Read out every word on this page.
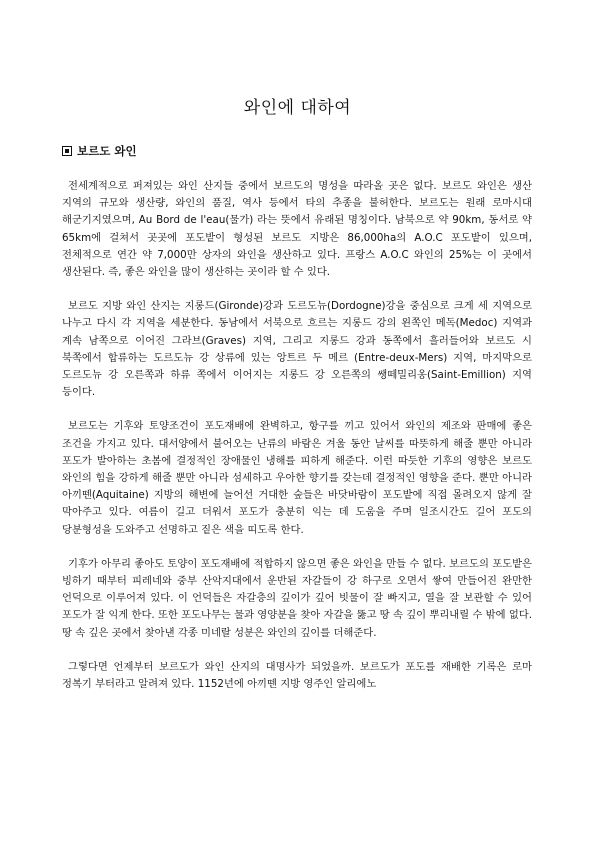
와인에 대하여
보르도 와인

전세계적으로 퍼져있는 와인 산지들 중에서 보르도의 명성을 따라올 곳은 없다. 보르도 와인은 생산 지역의 규모와 생산량, 와인의 품질, 역사 등에서 타의 추종을 불허한다. 보르도는 원래 로마시대 해군기지였으며, Au Bord de l'eau(물가) 라는 뜻에서 유래된 명칭이다. 남북으로 약 90km, 동서로 약 65km에 걸쳐서 곳곳에 포도밭이 형성된 보르도 지방은 86,000ha의 A.O.C 포도밭이 있으며, 전체적으로 연간 약 7,000만 상자의 와인을 생산하고 있다. 프랑스 A.O.C 와인의 25%는 이 곳에서 생산된다. 즉, 좋은 와인을 많이 생산하는 곳이라 할 수 있다.

보르도 지방 와인 산지는 지롱드(Gironde)강과 도르도뉴(Dordogne)강을 중심으로 크게 세 지역으로 나누고 다시 각 지역을 세분한다. 동남에서 서북으로 흐르는 지롱드 강의 왼쪽인 메독(Medoc) 지역과 계속 남쪽으로 이어진 그라브(Graves) 지역, 그리고 지롱드 강과 동쪽에서 흘러들어와 보르도 시 북쪽에서 합류하는 도르도뉴 강 상류에 있는 앙트르 두 메르 (Entre-deux-Mers) 지역, 마지막으로 도르도뉴 강 오른쪽과 하류 쪽에서 이어지는 지롱드 강 오른쪽의 쌩떼밀리옹(Saint-Emillion) 지역 등이다.

보르도는 기후와 토양조건이 포도재배에 완벽하고, 항구를 끼고 있어서 와인의 제조와 판매에 좋은 조건을 가지고 있다. 대서양에서 불어오는 난류의 바람은 겨울 동안 날씨를 따뜻하게 해줄 뿐만 아니라 포도가 발아하는 초봄에 결정적인 장애물인 냉해를 피하게 해준다. 이런 따듯한 기후의 영향은 보르도 와인의 힘을 강하게 해줄 뿐만 아니라 섬세하고 우아한 향기를 갖는데 결정적인 영향을 준다. 뿐만 아니라 아끼뗀(Aquitaine) 지방의 해변에 늘어선 거대한 숲들은 바닷바람이 포도밭에 직접 몰려오지 않게 잘 막아주고 있다. 여름이 길고 더워서 포도가 충분히 익는 데 도움을 주며 일조시간도 길어 포도의 당분형성을 도와주고 선명하고 짙은 색을 띠도록 한다.

기후가 아무리 좋아도 토양이 포도재배에 적합하지 않으면 좋은 와인을 만들 수 없다. 보르도의 포도밭은 빙하기 때부터 피레네와 중부 산악지대에서 운반된 자갈들이 강 하구로 오면서 쌓여 만들어진 완만한 언덕으로 이루어져 있다. 이 언덕들은 자갈층의 깊이가 깊어 빗물이 잘 빠지고, 열을 잘 보관할 수 있어 포도가 잘 익게 한다. 또한 포도나무는 물과 영양분을 찾아 자갈을 뚫고 땅 속 깊이 뿌리내릴 수 밖에 없다. 땅 속 깊은 곳에서 찾아낸 각종 미네랄 성분은 와인의 깊이를 더해준다.

그렇다면 언제부터 보르도가 와인 산지의 대명사가 되었을까. 보르도가 포도를 재배한 기록은 로마 정복기 부터라고 알려져 있다. 1152년에 아끼뗀 지방 영주인 알리에노
